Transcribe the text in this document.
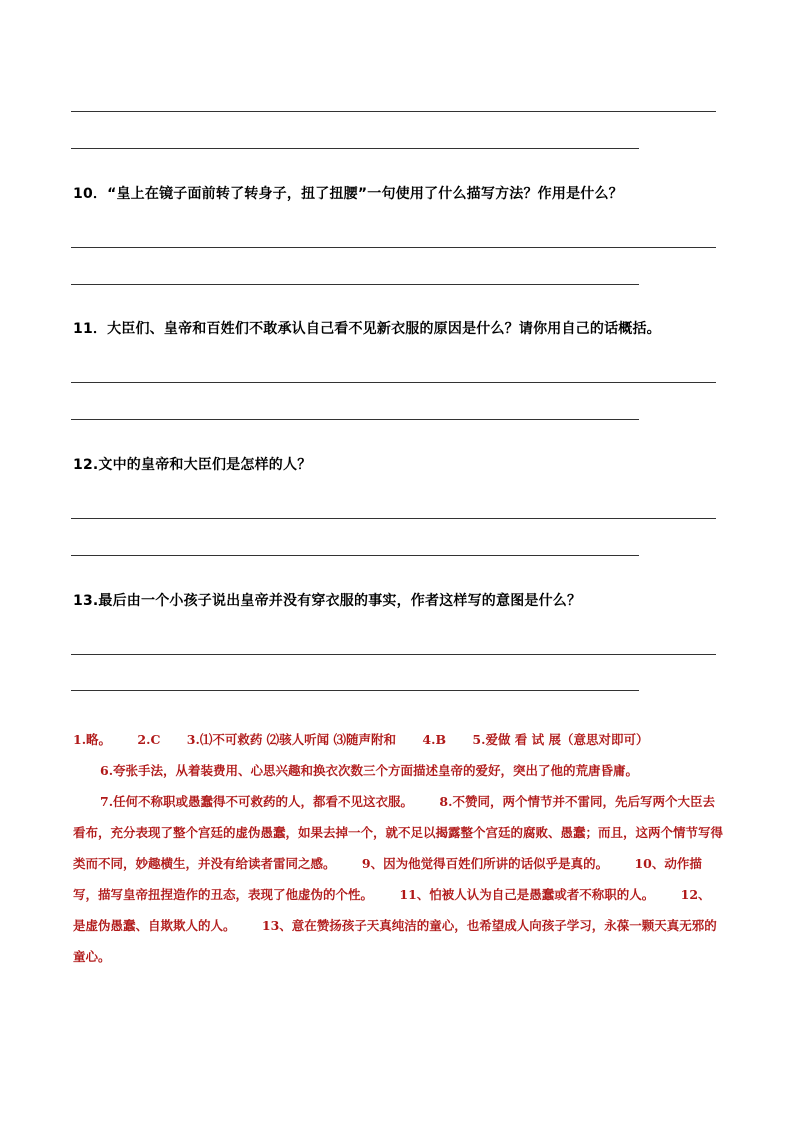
10．“皇上在镜子面前转了转身子，扭了扭腰”一句使用了什么描写方法？作用是什么？
11．大臣们、皇帝和百姓们不敢承认自己看不见新衣服的原因是什么？请你用自己的话概括。
12.文中的皇帝和大臣们是怎样的人？
13.最后由一个小孩子说出皇帝并没有穿衣服的事实，作者这样写的意图是什么？

1.略。 2.C 3.⑴不可救药 ⑵骇人听闻 ⑶随声附和 4.B 5.爱做 看 试 展（意思对即可）

6.夸张手法，从着装费用、心思兴趣和换衣次数三个方面描述皇帝的爱好，突出了他的荒唐昏庸。

7.任何不称职或愚蠢得不可救药的人，都看不见这衣服。 8.不赞同，两个情节并不雷同，先后写两个大臣去看布，充分表现了整个宫廷的虚伪愚蠢，如果去掉一个，就不足以揭露整个宫廷的腐败、愚蠢；而且，这两个情节写得类而不同，妙趣横生，并没有给读者雷同之感。 9、因为他觉得百姓们所讲的话似乎是真的。 10、动作描写，描写皇帝扭捏造作的丑态，表现了他虚伪的个性。 11、怕被人认为自己是愚蠢或者不称职的人。 12、是虚伪愚蠢、自欺欺人的人。 13、意在赞扬孩子天真纯洁的童心，也希望成人向孩子学习，永葆一颗天真无邪的童心。
